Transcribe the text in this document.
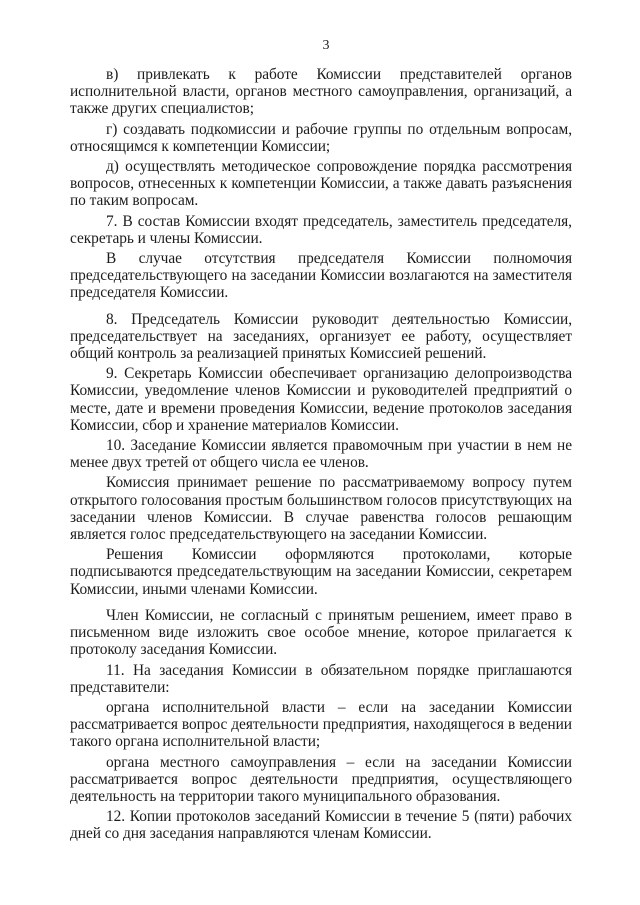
3

в) привлекать к работе Комиссии представителей органов исполнительной власти, органов местного самоуправления, организаций, а также других специалистов;

г) создавать подкомиссии и рабочие группы по отдельным вопросам, относящимся к компетенции Комиссии;

д) осуществлять методическое сопровождение порядка рассмотрения вопросов, отнесенных к компетенции Комиссии, а также давать разъяснения по таким вопросам.

7. В состав Комиссии входят председатель, заместитель председателя, секретарь и члены Комиссии.

В случае отсутствия председателя Комиссии полномочия председательствующего на заседании Комиссии возлагаются на заместителя председателя Комиссии.

8. Председатель Комиссии руководит деятельностью Комиссии, председательствует на заседаниях, организует ее работу, осуществляет общий контроль за реализацией принятых Комиссией решений.

9. Секретарь Комиссии обеспечивает организацию делопроизводства Комиссии, уведомление членов Комиссии и руководителей предприятий о месте, дате и времени проведения Комиссии, ведение протоколов заседания Комиссии, сбор и хранение материалов Комиссии.

10. Заседание Комиссии является правомочным при участии в нем не менее двух третей от общего числа ее членов.

Комиссия принимает решение по рассматриваемому вопросу путем открытого голосования простым большинством голосов присутствующих на заседании членов Комиссии. В случае равенства голосов решающим является голос председательствующего на заседании Комиссии.

Решения Комиссии оформляются протоколами, которые подписываются председательствующим на заседании Комиссии, секретарем Комиссии, иными членами Комиссии.

Член Комиссии, не согласный с принятым решением, имеет право в письменном виде изложить свое особое мнение, которое прилагается к протоколу заседания Комиссии.

11. На заседания Комиссии в обязательном порядке приглашаются представители:

органа исполнительной власти – если на заседании Комиссии рассматривается вопрос деятельности предприятия, находящегося в ведении такого органа исполнительной власти;

органа местного самоуправления – если на заседании Комиссии рассматривается вопрос деятельности предприятия, осуществляющего деятельность на территории такого муниципального образования.

12. Копии протоколов заседаний Комиссии в течение 5 (пяти) рабочих дней со дня заседания направляются членам Комиссии.
